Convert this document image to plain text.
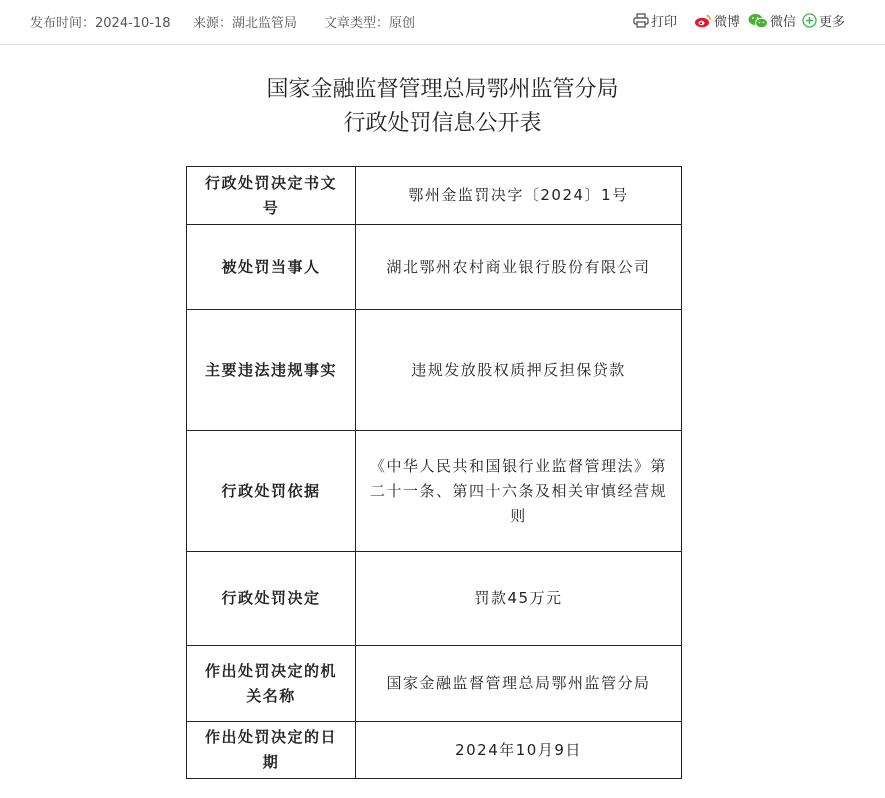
发布时间：2024-10-18 来源：湖北监管局 文章类型：原创	打印	微博 微信 更多
国家金融监督管理总局鄂州监管分局
行政处罚信息公开表
行政处罚决定书文号	鄂州金监罚决字〔2024〕1号
被处罚当事人	湖北鄂州农村商业银行股份有限公司
主要违法违规事实	违规发放股权质押反担保贷款
行政处罚依据	《中华人民共和国银行业监督管理法》第二十一条、第四十六条及相关审慎经营规则
行政处罚决定	罚款45万元
作出处罚决定的机关名称	国家金融监督管理总局鄂州监管分局
作出处罚决定的日期	2024年10月9日
